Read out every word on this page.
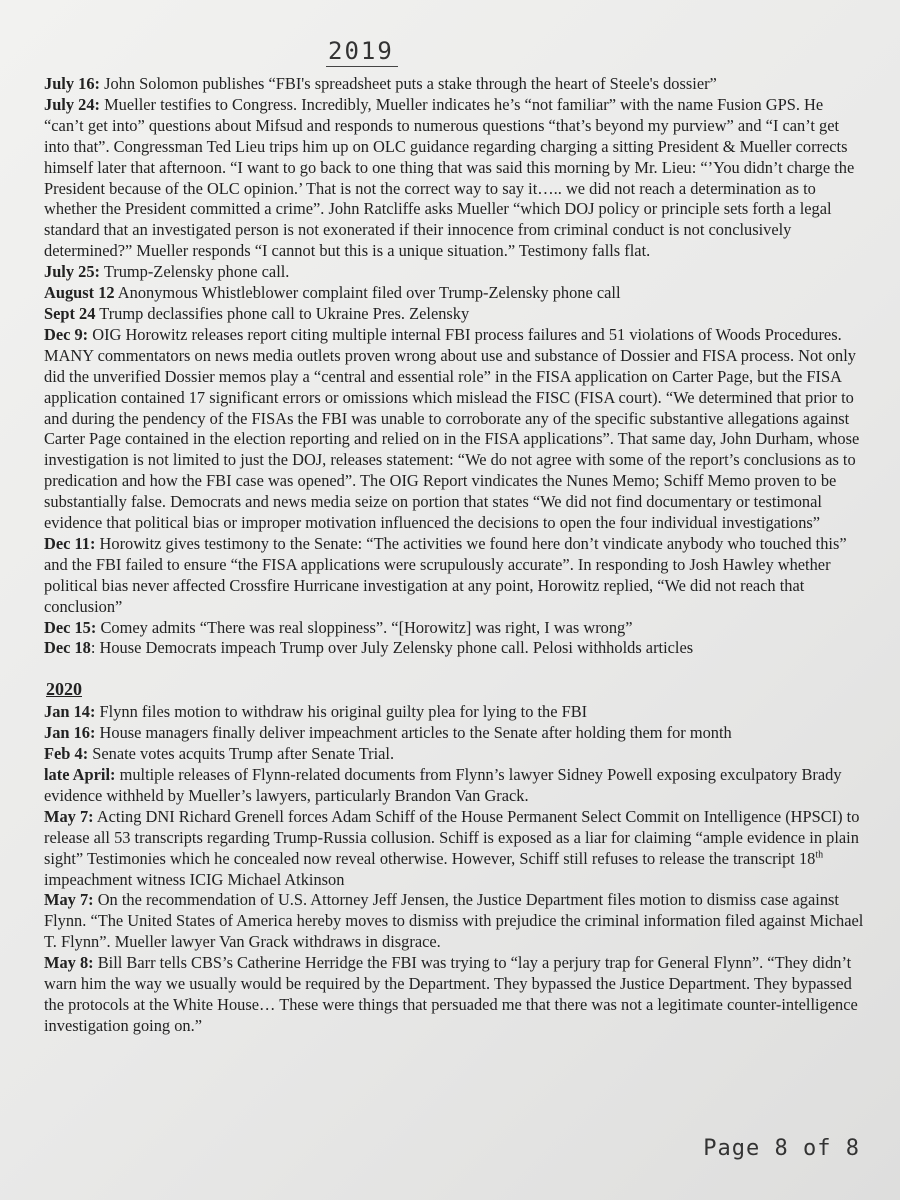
2019

July 16: John Solomon publishes “FBI's spreadsheet puts a stake through the heart of Steele's dossier”

July 24: Mueller testifies to Congress. Incredibly, Mueller indicates he’s “not familiar” with the name Fusion GPS. He “can’t get into” questions about Mifsud and responds to numerous questions “that’s beyond my purview” and “I can’t get into that”. Congressman Ted Lieu trips him up on OLC guidance regarding charging a sitting President & Mueller corrects himself later that afternoon. “I want to go back to one thing that was said this morning by Mr. Lieu: “’You didn’t charge the President because of the OLC opinion.’ That is not the correct way to say it….. we did not reach a determination as to whether the President committed a crime”. John Ratcliffe asks Mueller “which DOJ policy or principle sets forth a legal standard that an investigated person is not exonerated if their innocence from criminal conduct is not conclusively determined?” Mueller responds “I cannot but this is a unique situation.” Testimony falls flat.

July 25: Trump-Zelensky phone call.

August 12 Anonymous Whistleblower complaint filed over Trump-Zelensky phone call

Sept 24 Trump declassifies phone call to Ukraine Pres. Zelensky

Dec 9: OIG Horowitz releases report citing multiple internal FBI process failures and 51 violations of Woods Procedures. MANY commentators on news media outlets proven wrong about use and substance of Dossier and FISA process. Not only did the unverified Dossier memos play a “central and essential role” in the FISA application on Carter Page, but the FISA application contained 17 significant errors or omissions which mislead the FISC (FISA court). “We determined that prior to and during the pendency of the FISAs the FBI was unable to corroborate any of the specific substantive allegations against Carter Page contained in the election reporting and relied on in the FISA applications”. That same day, John Durham, whose investigation is not limited to just the DOJ, releases statement: “We do not agree with some of the report’s conclusions as to predication and how the FBI case was opened”. The OIG Report vindicates the Nunes Memo; Schiff Memo proven to be substantially false. Democrats and news media seize on portion that states “We did not find documentary or testimonal evidence that political bias or improper motivation influenced the decisions to open the four individual investigations”

Dec 11: Horowitz gives testimony to the Senate: “The activities we found here don’t vindicate anybody who touched this” and the FBI failed to ensure “the FISA applications were scrupulously accurate”. In responding to Josh Hawley whether political bias never affected Crossfire Hurricane investigation at any point, Horowitz replied, “We did not reach that conclusion”

Dec 15: Comey admits “There was real sloppiness”. “[Horowitz] was right, I was wrong”

Dec 18: House Democrats impeach Trump over July Zelensky phone call. Pelosi withholds articles

2020

Jan 14: Flynn files motion to withdraw his original guilty plea for lying to the FBI

Jan 16: House managers finally deliver impeachment articles to the Senate after holding them for month

Feb 4: Senate votes acquits Trump after Senate Trial.

late April: multiple releases of Flynn-related documents from Flynn’s lawyer Sidney Powell exposing exculpatory Brady evidence withheld by Mueller’s lawyers, particularly Brandon Van Grack.

May 7: Acting DNI Richard Grenell forces Adam Schiff of the House Permanent Select Commit on Intelligence (HPSCI) to release all 53 transcripts regarding Trump-Russia collusion. Schiff is exposed as a liar for claiming “ample evidence in plain sight” Testimonies which he concealed now reveal otherwise. However, Schiff still refuses to release the transcript 18th impeachment witness ICIG Michael Atkinson

May 7: On the recommendation of U.S. Attorney Jeff Jensen, the Justice Department files motion to dismiss case against Flynn. “The United States of America hereby moves to dismiss with prejudice the criminal information filed against Michael T. Flynn”. Mueller lawyer Van Grack withdraws in disgrace.

May 8: Bill Barr tells CBS’s Catherine Herridge the FBI was trying to “lay a perjury trap for General Flynn”. “They didn’t warn him the way we usually would be required by the Department. They bypassed the Justice Department. They bypassed the protocols at the White House… These were things that persuaded me that there was not a legitimate counter-intelligence investigation going on.”

Page 8 of 8
